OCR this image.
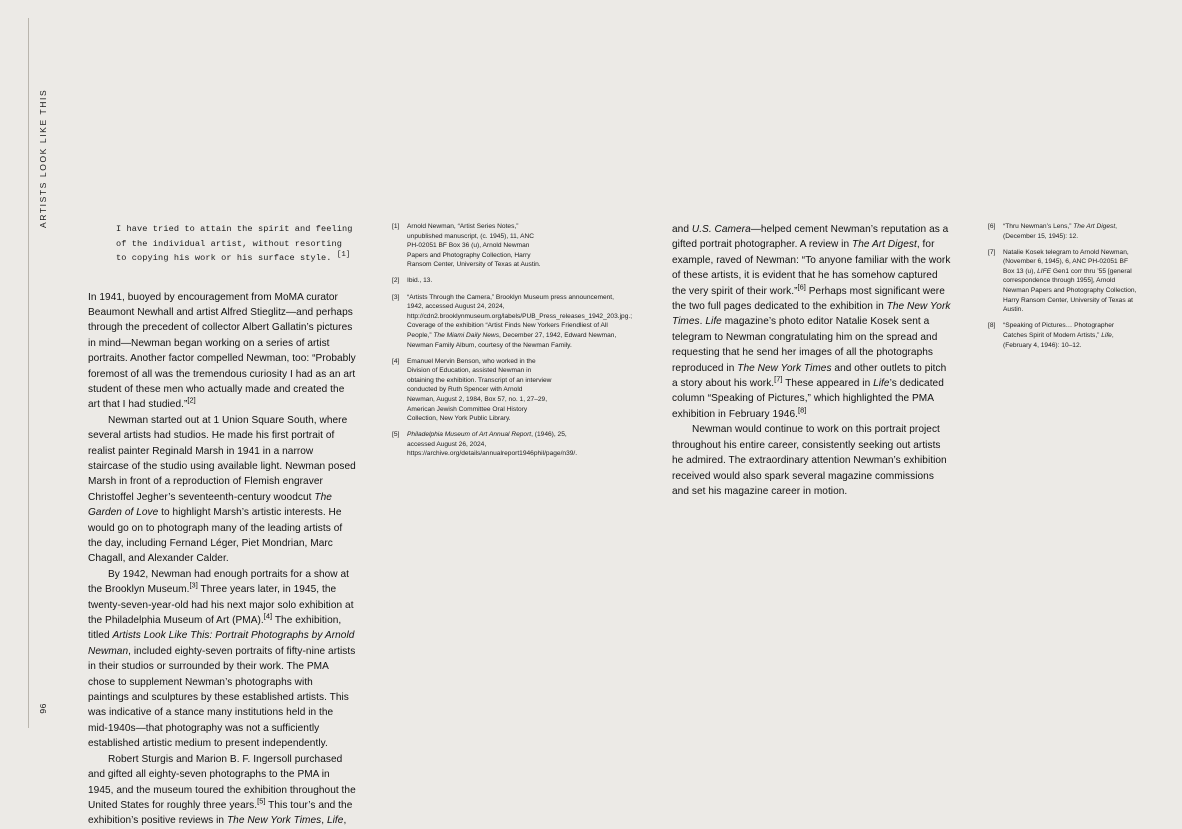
ARTISTS LOOK LIKE THIS
96
I have tried to attain the spirit and feeling of the individual artist, without resorting to copying his work or his surface style. [1]

In 1941, buoyed by encouragement from MoMA curator Beaumont Newhall and artist Alfred Stieglitz—and perhaps through the precedent of collector Albert Gallatin’s pictures in mind—Newman began working on a series of artist portraits. Another factor compelled Newman, too: “Probably foremost of all was the tremendous curiosity I had as an art student of these men who actually made and created the art that I had studied.”[2]

Newman started out at 1 Union Square South, where several artists had studios. He made his first portrait of realist painter Reginald Marsh in 1941 in a narrow staircase of the studio using available light. Newman posed Marsh in front of a reproduction of Flemish engraver Christoffel Jegher’s seventeenth‑century woodcut The Garden of Love to highlight Marsh’s artistic interests. He would go on to photograph many of the leading artists of the day, including Fernand Léger, Piet Mondrian, Marc Chagall, and Alexander Calder.

By 1942, Newman had enough portraits for a show at the Brooklyn Museum.[3] Three years later, in 1945, the twenty‑seven‑year‑old had his next major solo exhibition at the Philadelphia Museum of Art (PMA).[4] The exhibition, titled Artists Look Like This: Portrait Photographs by Arnold Newman, included eighty‑seven portraits of fifty‑nine artists in their studios or surrounded by their work. The PMA chose to supplement Newman’s photographs with paintings and sculptures by these established artists. This was indicative of a stance many institutions held in the mid‑1940s—that photography was not a sufficiently established artistic medium to present independently.

Robert Sturgis and Marion B. F. Ingersoll purchased and gifted all eighty‑seven photographs to the PMA in 1945, and the museum toured the exhibition throughout the United States for roughly three years.[5] This tour’s and the exhibition’s positive reviews in The New York Times, Life,

[1]	Arnold Newman, “Artist Series Notes,” unpublished manuscript, (c. 1945), 11, ANC PH‑02051 BF Box 36 (u), Arnold Newman Papers and Photography Collection, Harry Ransom Center, University of Texas at Austin.
[2]	Ibid., 13.
[3]	“Artists Through the Camera,” Brooklyn Museum press announcement, 1942, accessed August 24, 2024, http://cdn2.brooklynmuseum.org/labels/PUB_Press_releases_1942_203.jpg.; Coverage of the exhibition “Artist Finds New Yorkers Friendliest of All People,” The Miami Daily News, December 27, 1942, Edward Newman, Newman Family Album, courtesy of the Newman Family.
[4]	Emanuel Mervin Benson, who worked in the Division of Education, assisted Newman in obtaining the exhibition. Transcript of an interview conducted by Ruth Spencer with Arnold Newman, August 2, 1984, Box 57, no. 1, 27–29, American Jewish Committee Oral History Collection, New York Public Library.
[5]	Philadelphia Museum of Art Annual Report, (1946), 25, accessed August 26, 2024, https://archive.org/details/annualreport1946phil/page/n39/.

and U.S. Camera—helped cement Newman’s reputation as a gifted portrait photographer. A review in The Art Digest, for example, raved of Newman: “To anyone familiar with the work of these artists, it is evident that he has somehow captured the very spirit of their work.”[6] Perhaps most significant were the two full pages dedicated to the exhibition in The New York Times. Life magazine’s photo editor Natalie Kosek sent a telegram to Newman congratulating him on the spread and requesting that he send her images of all the photographs reproduced in The New York Times and other outlets to pitch a story about his work.[7] These appeared in Life’s dedicated column “Speaking of Pictures,” which highlighted the PMA exhibition in February 1946.[8]

Newman would continue to work on this portrait project throughout his entire career, consistently seeking out artists he admired. The extraordinary attention Newman’s exhibition received would also spark several magazine commissions and set his magazine career in motion.

[6]	“Thru Newman’s Lens,” The Art Digest, (December 15, 1945): 12.
[7]	Natalie Kosek telegram to Arnold Newman, (November 6, 1945), 6, ANC PH‑02051 BF Box 13 (u), LIFE Gen1 corr thru ’55 [general correspondence through 1955], Arnold Newman Papers and Photography Collection, Harry Ransom Center, University of Texas at Austin.
[8]	“Speaking of Pictures… Photographer Catches Spirit of Modern Artists,” Life, (February 4, 1946): 10–12.
